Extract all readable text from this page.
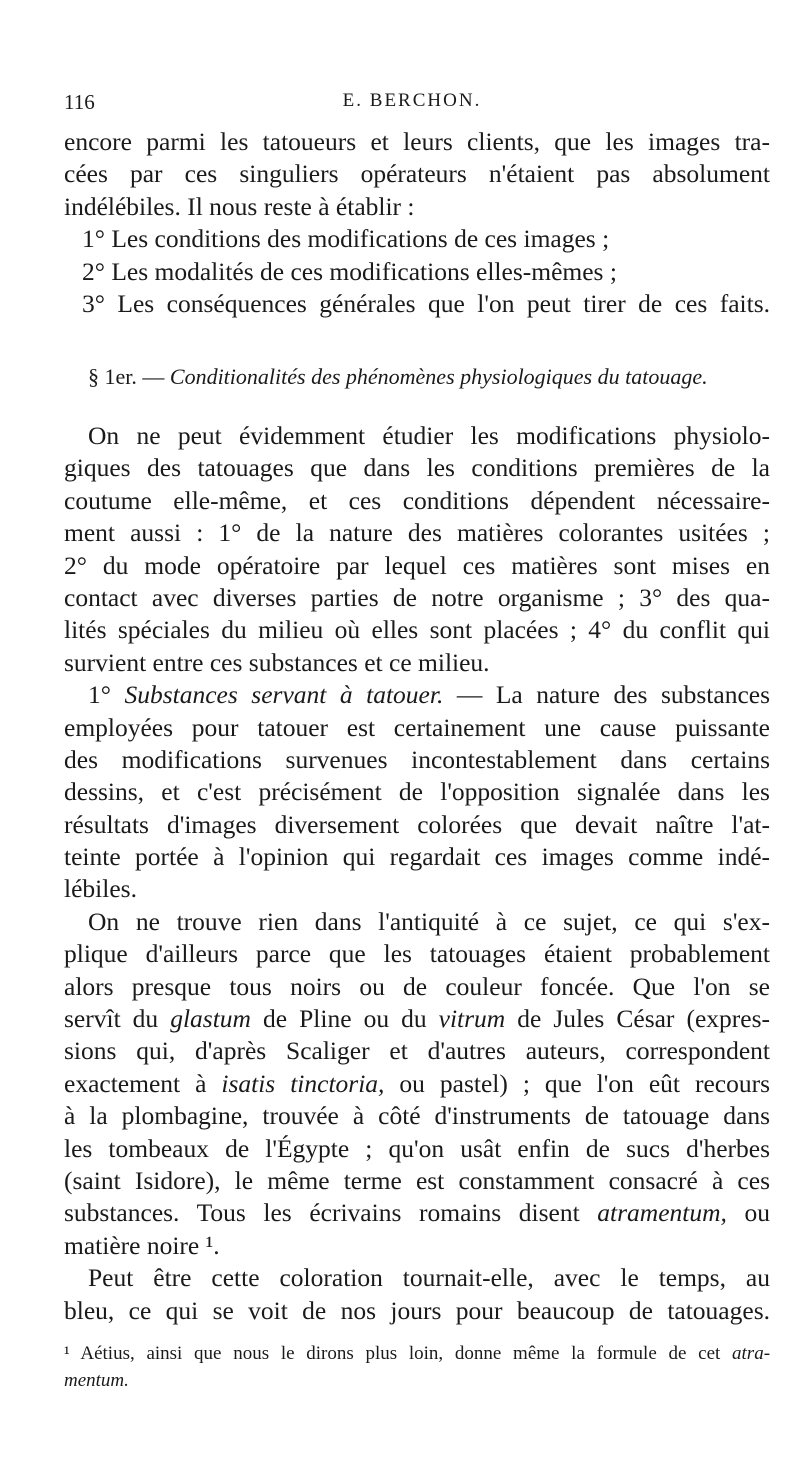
116	E. BERCHON.
encore parmi les tatoueurs et leurs clients, que les images tra-
cées par ces singuliers opérateurs n'étaient pas absolument
indélébiles. Il nous reste à établir :
1° Les conditions des modifications de ces images ;
2° Les modalités de ces modifications elles-mêmes ;
3° Les conséquences générales que l'on peut tirer de ces faits.
§ 1er. — Conditionalités des phénomènes physiologiques du tatouage.
On ne peut évidemment étudier les modifications physiolo-
giques des tatouages que dans les conditions premières de la
coutume elle-même, et ces conditions dépendent nécessaire-
ment aussi : 1° de la nature des matières colorantes usitées ;
2° du mode opératoire par lequel ces matières sont mises en
contact avec diverses parties de notre organisme ; 3° des qua-
lités spéciales du milieu où elles sont placées ; 4° du conflit qui
survient entre ces substances et ce milieu.
1° Substances servant à tatouer. — La nature des substances
employées pour tatouer est certainement une cause puissante
des modifications survenues incontestablement dans certains
dessins, et c'est précisément de l'opposition signalée dans les
résultats d'images diversement colorées que devait naître l'at-
teinte portée à l'opinion qui regardait ces images comme indé-
lébiles.
On ne trouve rien dans l'antiquité à ce sujet, ce qui s'ex-
plique d'ailleurs parce que les tatouages étaient probablement
alors presque tous noirs ou de couleur foncée. Que l'on se
servît du glastum de Pline ou du vitrum de Jules César (expres-
sions qui, d'après Scaliger et d'autres auteurs, correspondent
exactement à isatis tinctoria, ou pastel) ; que l'on eût recours
à la plombagine, trouvée à côté d'instruments de tatouage dans
les tombeaux de l'Égypte ; qu'on usât enfin de sucs d'herbes
(saint Isidore), le même terme est constamment consacré à ces
substances. Tous les écrivains romains disent atramentum, ou
matière noire ¹.
Peut être cette coloration tournait-elle, avec le temps, au
bleu, ce qui se voit de nos jours pour beaucoup de tatouages.
¹ Aétius, ainsi que nous le dirons plus loin, donne même la formule de cet atra-
mentum.
